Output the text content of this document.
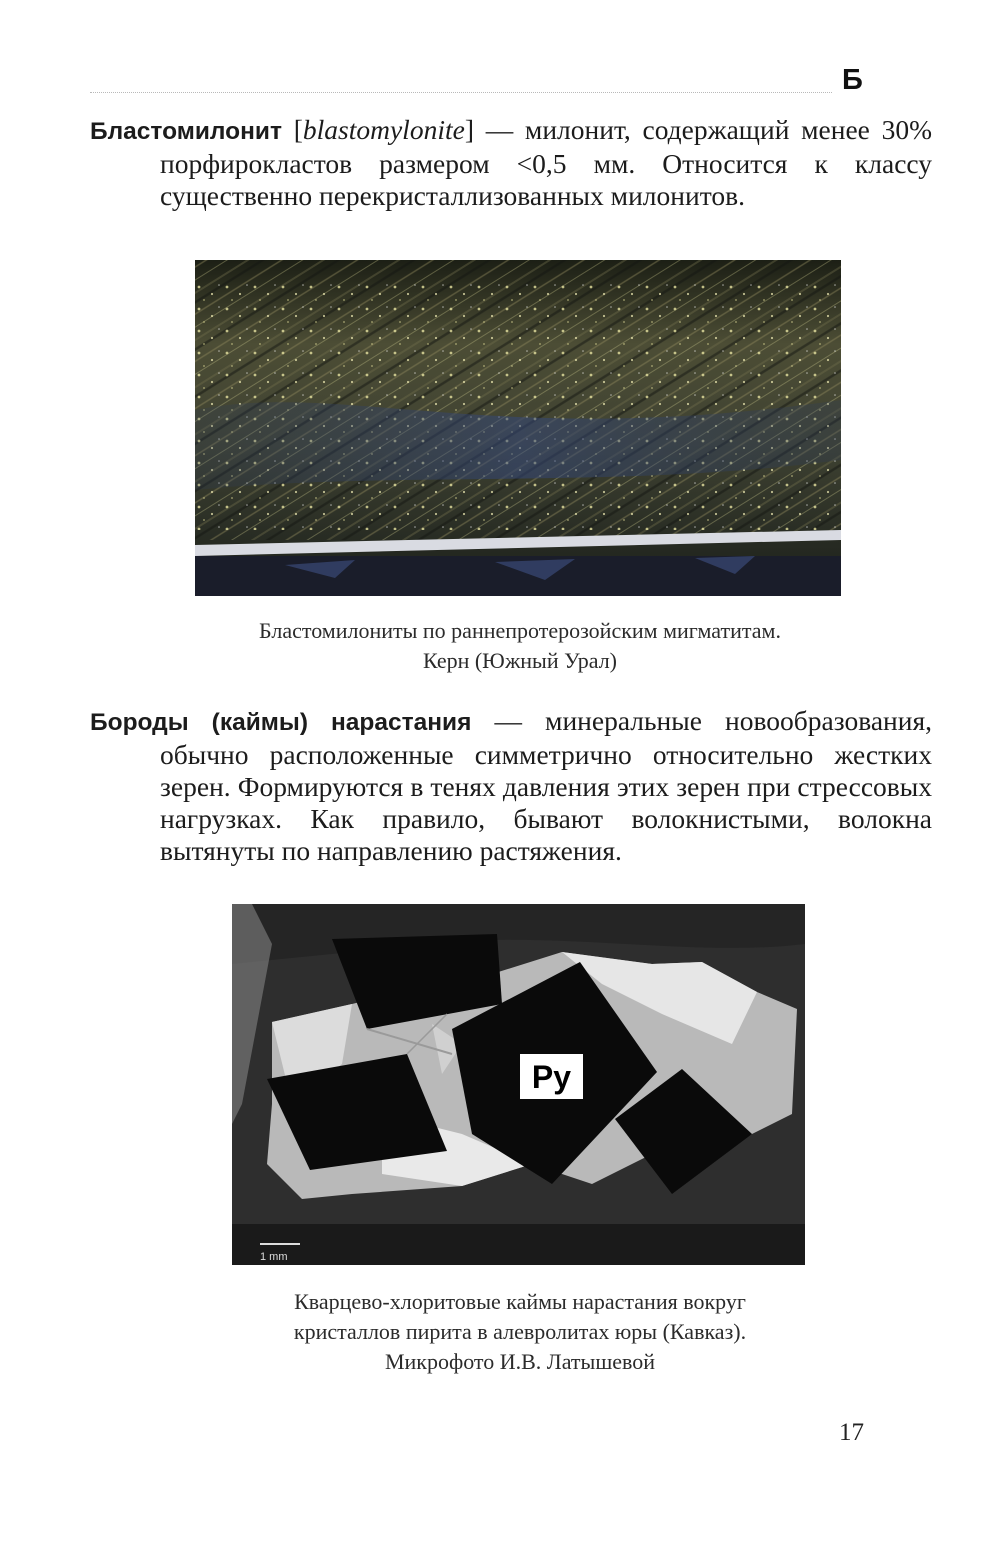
Б

Бластомилонит [blastomylonite] — милонит, содержащий менее 30% порфирокластов размером <0,5 мм. Относится к классу существенно перекристаллизованных милонитов.

Бластомилониты по раннепротерозойским мигматитам.
Керн (Южный Урал)

Бороды (каймы) нарастания — минеральные новообразования, обычно расположенные симметрично относительно жестких зерен. Формируются в тенях давления этих зерен при стрессовых нагрузках. Как правило, бывают волокнистыми, волокна вытянуты по направлению растяжения.

Py
1 mm

Кварцево-хлоритовые каймы нарастания вокруг
кристаллов пирита в алевролитах юры (Кавказ).
Микрофото И.В. Латышевой

17
